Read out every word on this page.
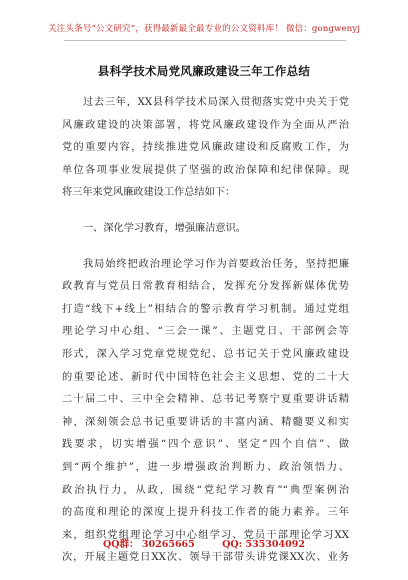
关注头条号“公文研究”，获得最新最全最专业的公文资料库！ 微信：gongwenyj
县科学技术局党风廉政建设三年工作总结
过去三年，XX县科学技术局深入贯彻落实党中央关于党
风廉政建设的决策部署，将党风廉政建设作为全面从严治
党的重要内容，持续推进党风廉政建设和反腐败工作，为
单位各项事业发展提供了坚强的政治保障和纪律保障。现
将三年来党风廉政建设工作总结如下：
一、深化学习教育，增强廉洁意识。
我局始终把政治理论学习作为首要政治任务，坚持把廉
政教育与党员日常教育相结合，发挥充分发挥新媒体优势
打造“线下+线上”相结合的警示教育学习机制。通过党组
理论学习中心组、“三会一课”、主题党日、干部例会等
形式，深入学习党章党规党纪、总书记关于党风廉政建设
的重要论述、新时代中国特色社会主义思想、党的二十大
二十届二中、三中全会精神、总书记考察宁夏重要讲话精
神，深刻领会总书记重要讲话的丰富内涵、精髓要义和实
践要求，切实增强“四个意识”、坚定“四个自信”、做
到“两个维护”，进一步增强政治判断力、政治领悟力、
政治执行力，从政，围绕“党纪学习教育”“典型案例治
的高度和理论的深度上提升科技工作者的能力素养。三年
来，组织党组理论学习中心组学习、党员干部理论学习XX
次，开展主题党日XX次、领导干部带头讲党课XX次、业务
QQ群： 30265665	QQ: 535304092
